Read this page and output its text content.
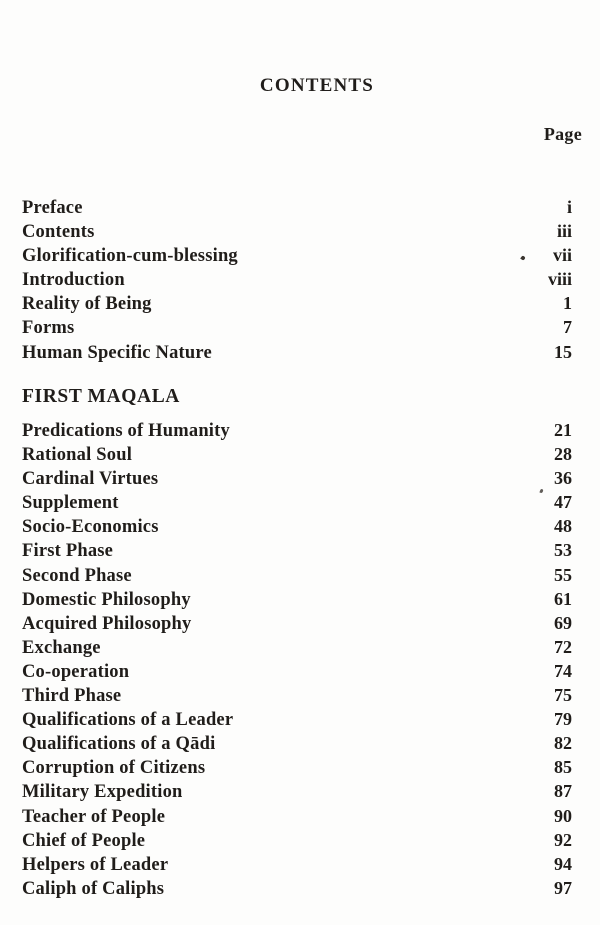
CONTENTS
Page
Preface	i
Contents	iii
Glorification-cum-blessing	vii
Introduction	viii
Reality of Being	1
Forms	7
Human Specific Nature	15
FIRST MAQALA
Predications of Humanity	21
Rational Soul	28
Cardinal Virtues	36
Supplement	47
Socio-Economics	48
First Phase	53
Second Phase	55
Domestic Philosophy	61
Acquired Philosophy	69
Exchange	72
Co-operation	74
Third Phase	75
Qualifications of a Leader	79
Qualifications of a Qādi	82
Corruption of Citizens	85
Military Expedition	87
Teacher of People	90
Chief of People	92
Helpers of Leader	94
Caliph of Caliphs	97
